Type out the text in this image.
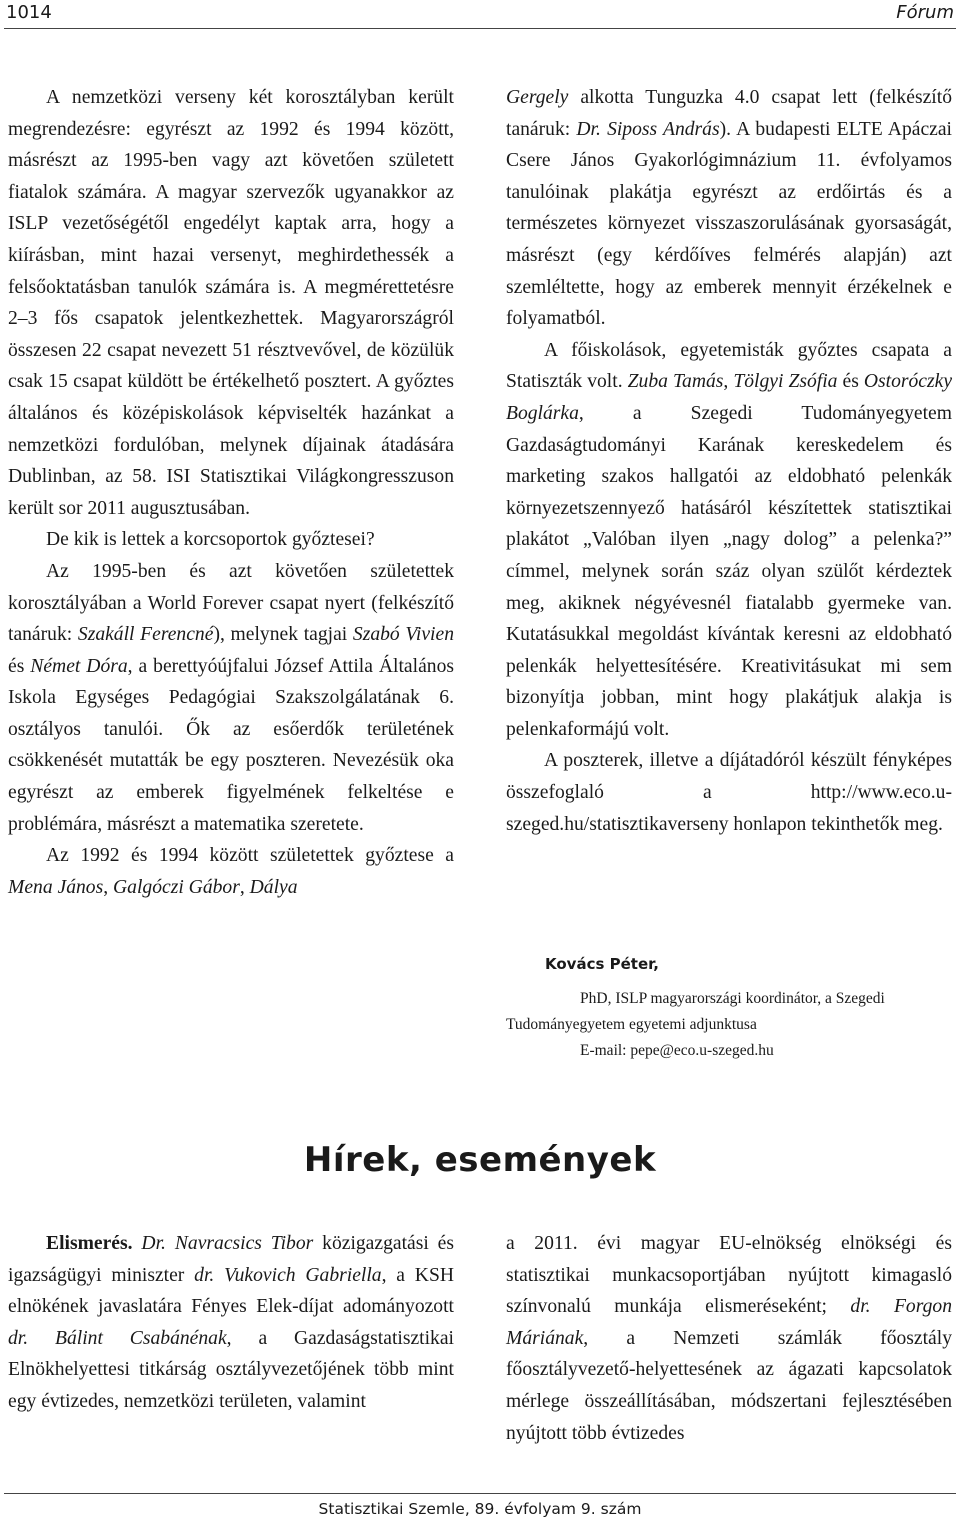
1014	Fórum

A nemzetközi verseny két korosztályban került megrendezésre: egyrészt az 1992 és 1994 között, másrészt az 1995-ben vagy azt követően született fiatalok számára. A magyar szervezők ugyanakkor az ISLP vezetőségétől engedélyt kaptak arra, hogy a kiírásban, mint hazai versenyt, meghirdethessék a felsőoktatásban tanulók számára is. A megmérettetésre 2–3 fős csapatok jelentkezhettek. Magyarországról összesen 22 csapat nevezett 51 résztvevővel, de közülük csak 15 csapat küldött be értékelhető posztert. A győztes általános és középiskolások képviselték hazánkat a nemzetközi fordulóban, melynek díjainak átadására Dublinban, az 58. ISI Statisztikai Világkongresszuson került sor 2011 augusztusában.

De kik is lettek a korcsoportok győztesei?

Az 1995-ben és azt követően születettek korosztályában a World Forever csapat nyert (felkészítő tanáruk: Szakáll Ferencné), melynek tagjai Szabó Vivien és Német Dóra, a berettyóújfalui József Attila Általános Iskola Egységes Pedagógiai Szakszolgálatának 6. osztályos tanulói. Ők az esőerdők területének csökkenését mutatták be egy poszteren. Nevezésük oka egyrészt az emberek figyelmének felkeltése e problémára, másrészt a matematika szeretete.

Az 1992 és 1994 között születettek győztese a Mena János, Galgóczi Gábor, Dálya

Gergely alkotta Tunguzka 4.0 csapat lett (felkészítő tanáruk: Dr. Siposs András). A budapesti ELTE Apáczai Csere János Gyakorlógimnázium 11. évfolyamos tanulóinak plakátja egyrészt az erdőirtás és a természetes környezet visszaszorulásának gyorsaságát, másrészt (egy kérdőíves felmérés alapján) azt szemléltette, hogy az emberek mennyit érzékelnek e folyamatból.

A főiskolások, egyetemisták győztes csapata a Statiszták volt. Zuba Tamás, Tölgyi Zsófia és Ostoróczky Boglárka, a Szegedi Tudományegyetem Gazdaságtudományi Karának kereskedelem és marketing szakos hallgatói az eldobható pelenkák környezetszennyező hatásáról készítettek statisztikai plakátot „Valóban ilyen „nagy dolog” a pelenka?” címmel, melynek során száz olyan szülőt kérdeztek meg, akiknek négyévesnél fiatalabb gyermeke van. Kutatásukkal megoldást kívántak keresni az eldobható pelenkák helyettesítésére. Kreativitásukat mi sem bizonyítja jobban, mint hogy plakátjuk alakja is pelenkaformájú volt.

A poszterek, illetve a díjátadóról készült fényképes összefoglaló a http://www.eco.u-szeged.hu/statisztikaverseny honlapon tekinthetők meg.

Kovács Péter,
PhD, ISLP magyarországi koordinátor, a Szegedi
Tudományegyetem egyetemi adjunktusa
E-mail: pepe@eco.u-szeged.hu
Hírek, események

Elismerés. Dr. Navracsics Tibor közigazgatási és igazságügyi miniszter dr. Vukovich Gabriella, a KSH elnökének javaslatára Fényes Elek-díjat adományozott dr. Bálint Csabánénak, a Gazdaságstatisztikai Elnökhelyettesi titkárság osztályvezetőjének több mint egy évtizedes, nemzetközi területen, valamint

a 2011. évi magyar EU-elnökség elnökségi és statisztikai munkacsoportjában nyújtott kimagasló színvonalú munkája elismeréseként; dr. Forgon Máriának, a Nemzeti számlák főosztály főosztályvezető-helyettesének az ágazati kapcsolatok mérlege összeállításában, módszertani fejlesztésében nyújtott több évtizedes

Statisztikai Szemle, 89. évfolyam 9. szám
